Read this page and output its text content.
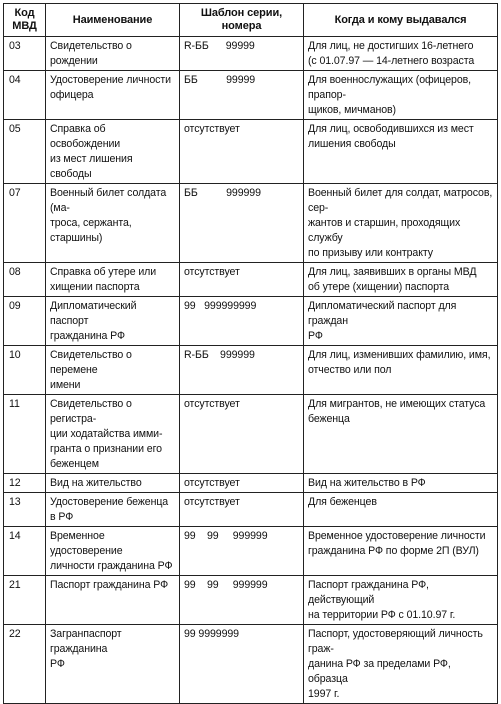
Код
МВД	Наименование	Шаблон серии, номера	Когда и кому выдавался
03	Свидетельство о рождении	R-ББ      99999	Для лиц, не достигших 16-летнего
(с 01.07.97 — 14-летнего возраста
04	Удостоверение личности
офицера	ББ          99999	Для военнослужащих (офицеров, прапор-
щиков, мичманов)
05	Справка об освобождении
из мест лишения свободы	отсутствует	Для лиц, освободившихся из мест
лишения свободы
07	Военный билет солдата (ма-
троса, сержанта, старшины)	ББ          999999	Военный билет для солдат, матросов, сер-
жантов и старшин, проходящих службу
по призыву или контракту
08	Справка об утере или
хищении паспорта	отсутствует	Для лиц, заявивших в органы МВД
об утере (хищении) паспорта
09	Дипломатический паспорт
гражданина РФ	99   999999999	Дипломатический паспорт для граждан
РФ
10	Свидетельство о перемене
имени	R-ББ    999999	Для лиц, изменивших фамилию, имя,
отчество или пол
11	Свидетельство о регистра-
ции ходатайства имми-
гранта о признании его
беженцем	отсутствует	Для мигрантов, не имеющих статуса
беженца
12	Вид на жительство	отсутствует	Вид на жительство в РФ
13	Удостоверение беженца
в РФ	отсутствует	Для беженцев
14	Временное удостоверение
личности гражданина РФ	99    99     999999	Временное удостоверение личности
гражданина РФ по форме 2П (ВУЛ)
21	Паспорт гражданина РФ	99    99     999999	Паспорт гражданина РФ, действующий
на территории РФ с 01.10.97 г.
22	Загранпаспорт гражданина
РФ	99 9999999	Паспорт, удостоверяющий личность граж-
данина РФ за пределами РФ, образца
1997 г.
